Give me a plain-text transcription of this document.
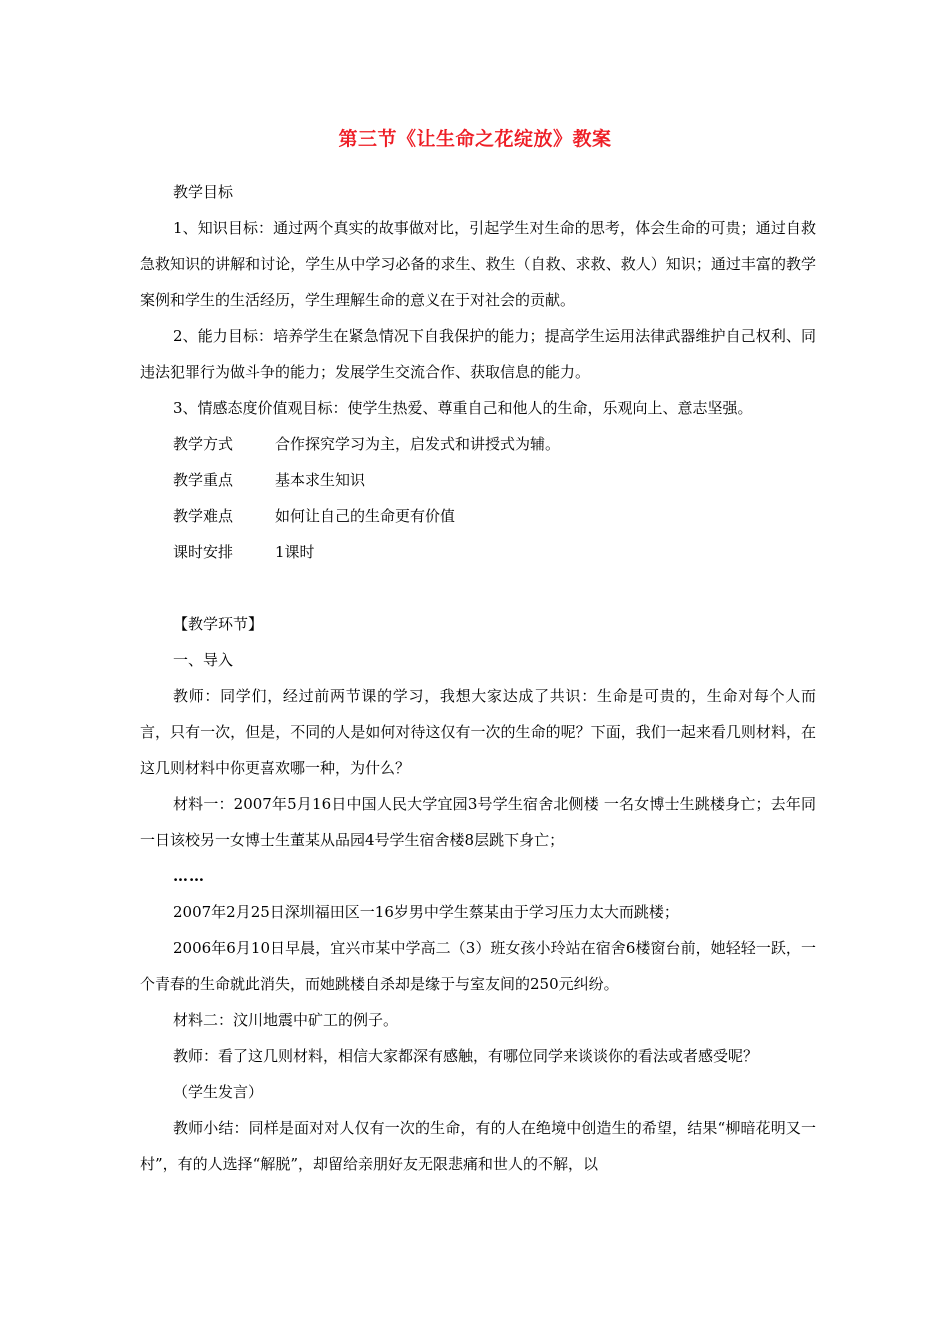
第三节《让生命之花绽放》教案

教学目标

1、知识目标：通过两个真实的故事做对比，引起学生对生命的思考，体会生命的可贵；通过自救急救知识的讲解和讨论，学生从中学习必备的求生、救生（自救、求救、救人）知识；通过丰富的教学案例和学生的生活经历，学生理解生命的意义在于对社会的贡献。

2、能力目标：培养学生在紧急情况下自我保护的能力；提高学生运用法律武器维护自己权利、同违法犯罪行为做斗争的能力；发展学生交流合作、获取信息的能力。

3、情感态度价值观目标：使学生热爱、尊重自己和他人的生命，乐观向上、意志坚强。

教学方式	合作探究学习为主，启发式和讲授式为辅。
教学重点	基本求生知识
教学难点	如何让自己的生命更有价值
课时安排	1课时

【教学环节】

一、导入

教师：同学们，经过前两节课的学习，我想大家达成了共识：生命是可贵的，生命对每个人而言，只有一次，但是，不同的人是如何对待这仅有一次的生命的呢？下面，我们一起来看几则材料，在这几则材料中你更喜欢哪一种，为什么？

材料一：2007年5月16日中国人民大学宜园3号学生宿舍北侧楼 一名女博士生跳楼身亡；去年同一日该校另一女博士生董某从品园4号学生宿舍楼8层跳下身亡；

……

2007年2月25日深圳福田区一16岁男中学生蔡某由于学习压力太大而跳楼；

2006年6月10日早晨，宜兴市某中学高二（3）班女孩小玲站在宿舍6楼窗台前，她轻轻一跃，一个青春的生命就此消失，而她跳楼自杀却是缘于与室友间的250元纠纷。

材料二：汶川地震中矿工的例子。

教师：看了这几则材料，相信大家都深有感触，有哪位同学来谈谈你的看法或者感受呢？

（学生发言）

教师小结：同样是面对对人仅有一次的生命，有的人在绝境中创造生的希望，结果“柳暗花明又一村”，有的人选择“解脱”，却留给亲朋好友无限悲痛和世人的不解，以
